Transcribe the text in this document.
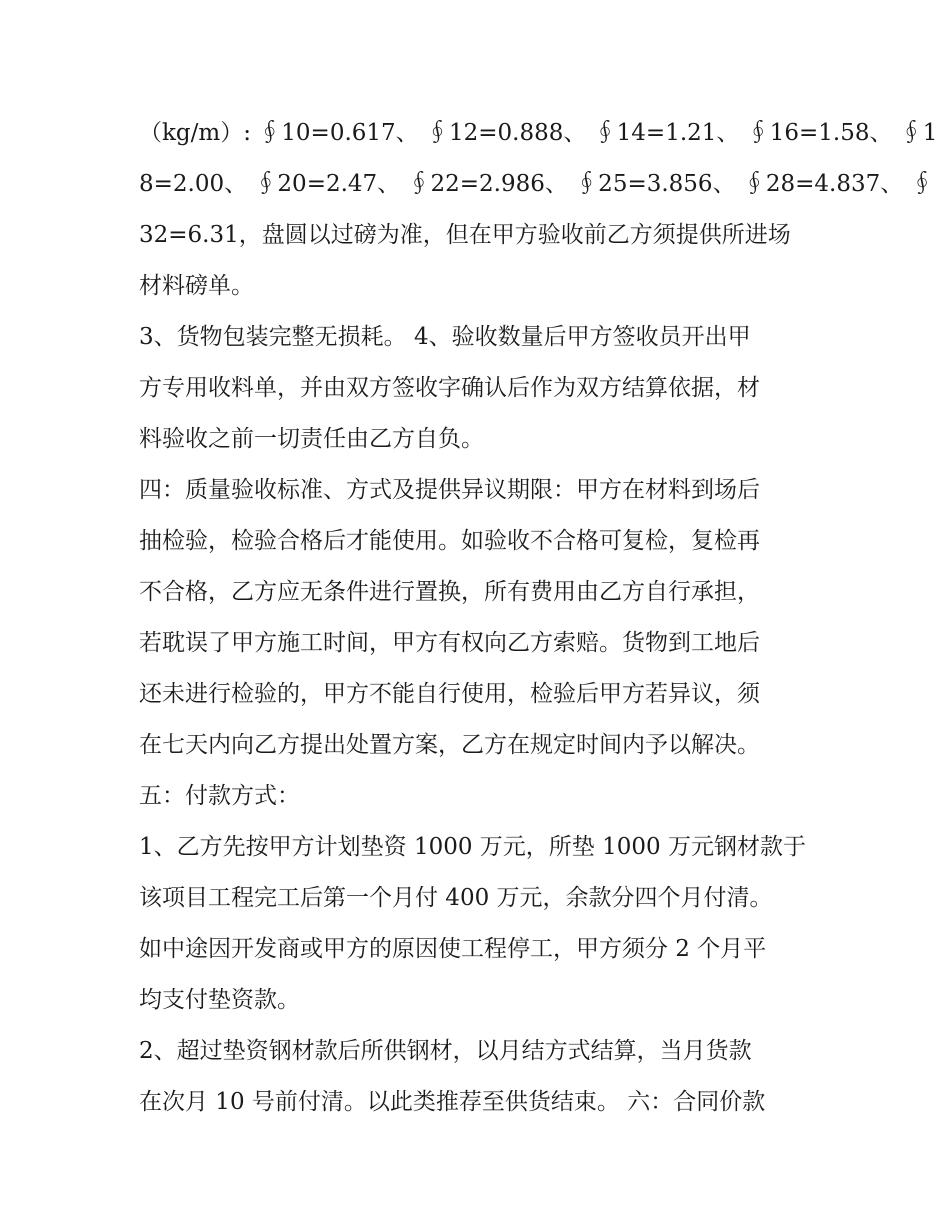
（kg/m）: ∮10=0.617、 ∮12=0.888、 ∮14=1.21、 ∮16=1.58、 ∮1
8=2.00、 ∮20=2.47、 ∮22=2.986、 ∮25=3.856、 ∮28=4.837、 ∮
32=6.31，盘圆以过磅为准，但在甲方验收前乙方须提供所进场
材料磅单。
3、货物包装完整无损耗。 4、验收数量后甲方签收员开出甲
方专用收料单，并由双方签收字确认后作为双方结算依据，材
料验收之前一切责任由乙方自负。
四：质量验收标准、方式及提供异议期限：甲方在材料到场后
抽检验，检验合格后才能使用。如验收不合格可复检，复检再
不合格，乙方应无条件进行置换，所有费用由乙方自行承担，
若耽误了甲方施工时间，甲方有权向乙方索赔。货物到工地后
还未进行检验的，甲方不能自行使用，检验后甲方若异议，须
在七天内向乙方提出处置方案，乙方在规定时间内予以解决。
五：付款方式：
1、乙方先按甲方计划垫资 1000 万元，所垫 1000 万元钢材款于
该项目工程完工后第一个月付 400 万元，余款分四个月付清。
如中途因开发商或甲方的原因使工程停工，甲方须分 2 个月平
均支付垫资款。
2、超过垫资钢材款后所供钢材，以月结方式结算，当月货款
在次月 10 号前付清。以此类推荐至供货结束。 六：合同价款
